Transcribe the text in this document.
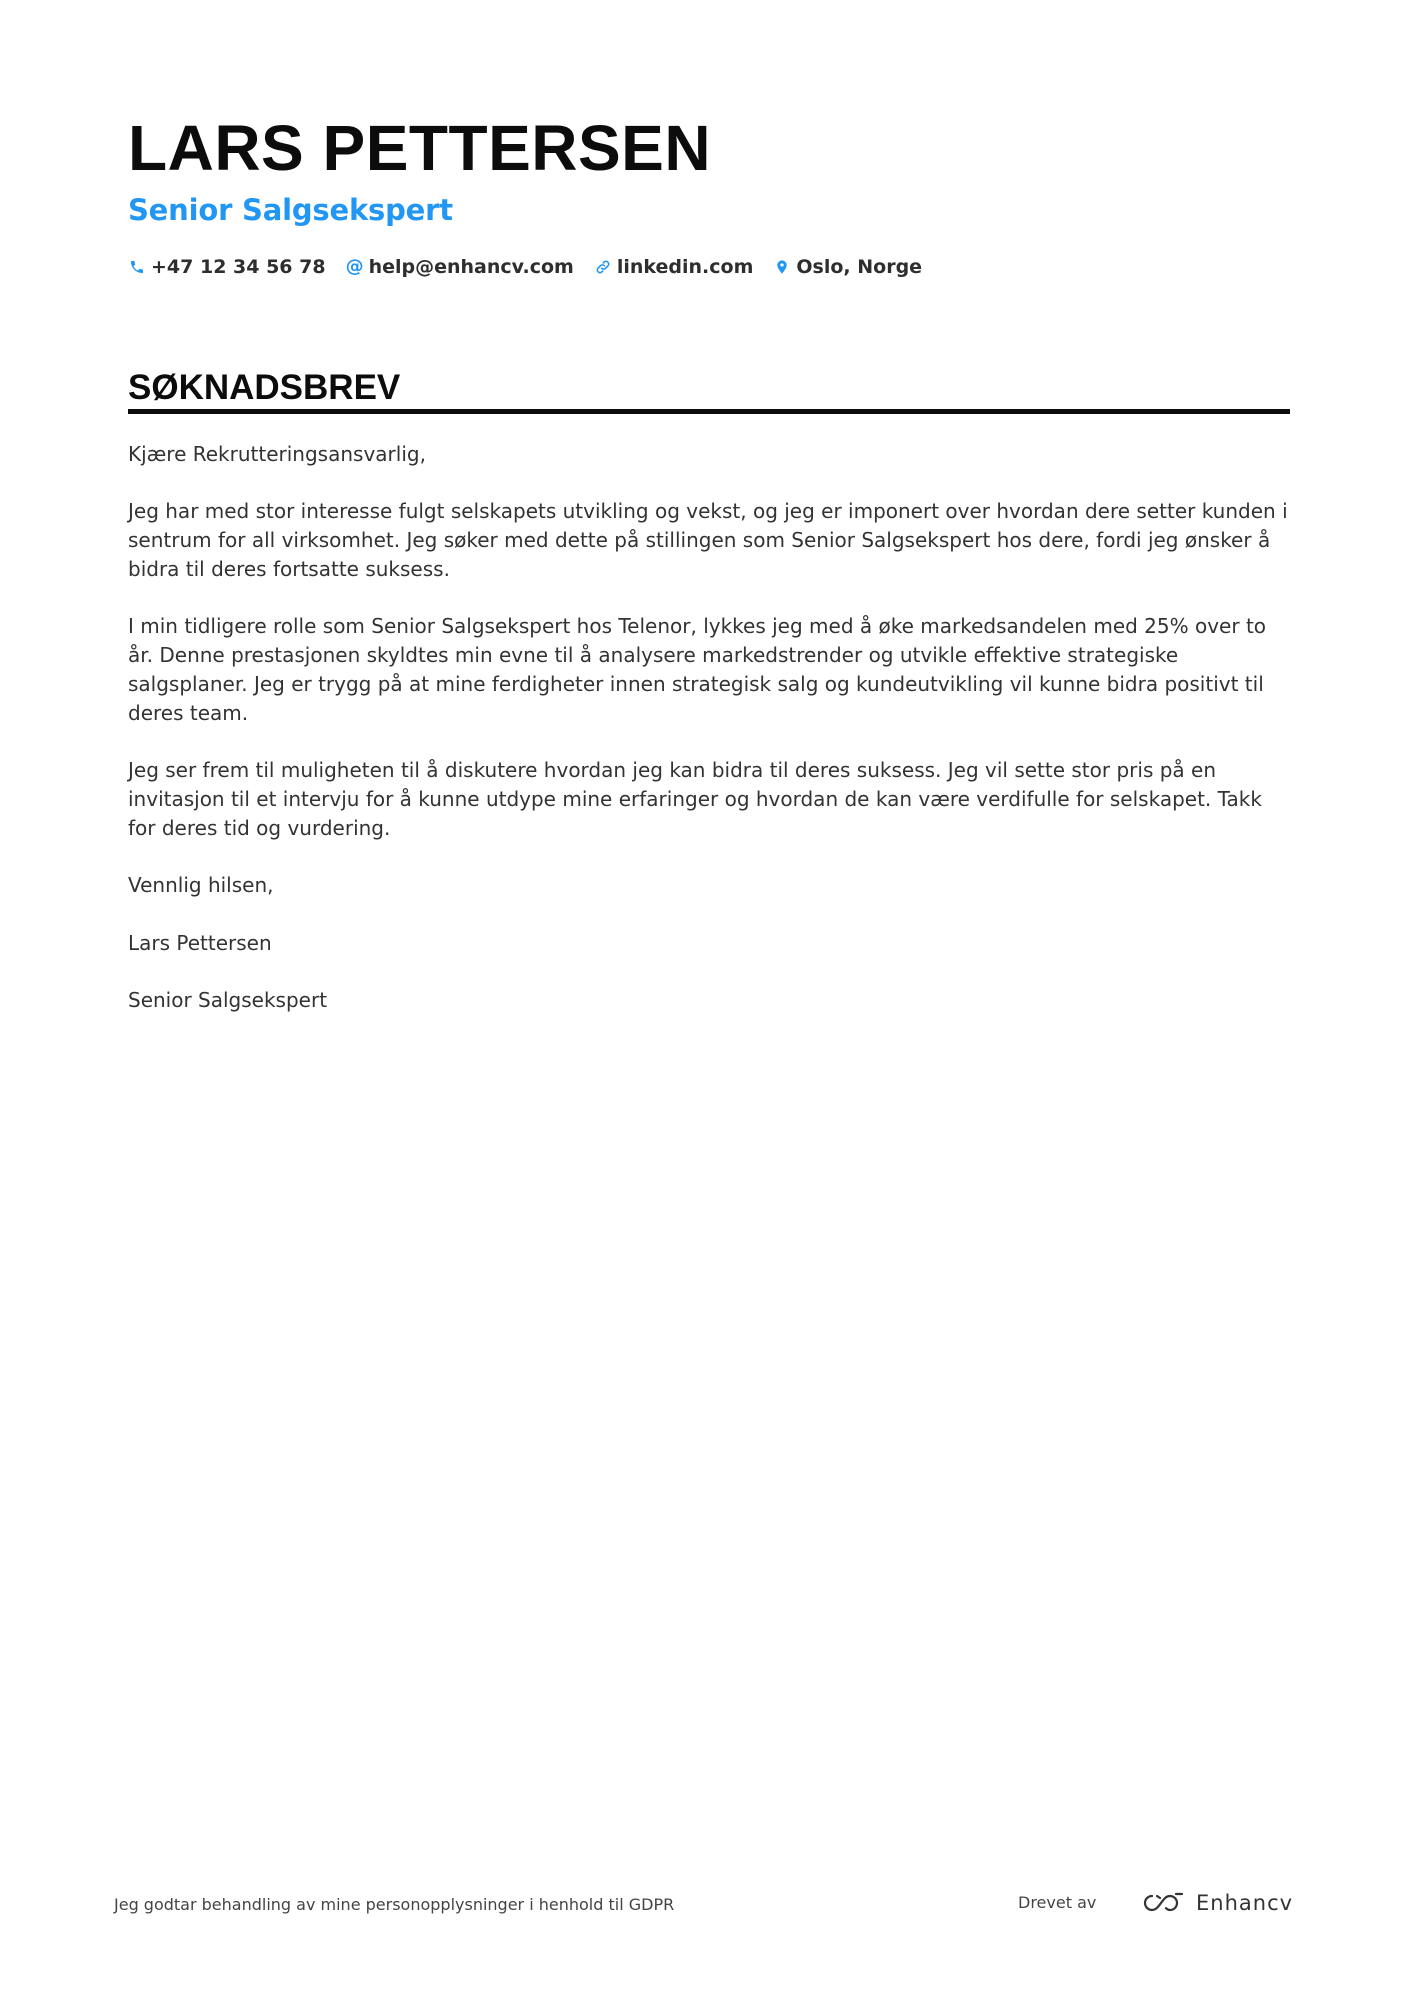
LARS PETTERSEN
Senior Salgsekspert
+47 12 34 56 78 @ help@enhancv.com linkedin.com Oslo, Norge
SØKNADSBREV

Kjære Rekrutteringsansvarlig,

Jeg har med stor interesse fulgt selskapets utvikling og vekst, og jeg er imponert over hvordan dere setter kunden i sentrum for all virksomhet. Jeg søker med dette på stillingen som Senior Salgsekspert hos dere, fordi jeg ønsker å bidra til deres fortsatte suksess.

I min tidligere rolle som Senior Salgsekspert hos Telenor, lykkes jeg med å øke markedsandelen med 25% over to år. Denne prestasjonen skyldtes min evne til å analysere markedstrender og utvikle effektive strategiske salgsplaner. Jeg er trygg på at mine ferdigheter innen strategisk salg og kundeutvikling vil kunne bidra positivt til deres team.

Jeg ser frem til muligheten til å diskutere hvordan jeg kan bidra til deres suksess. Jeg vil sette stor pris på en invitasjon til et intervju for å kunne utdype mine erfaringer og hvordan de kan være verdifulle for selskapet. Takk for deres tid og vurdering.

Vennlig hilsen,

Lars Pettersen

Senior Salgsekspert

Jeg godtar behandling av mine personopplysninger i henhold til GDPR	Drevet av	Enhancv
